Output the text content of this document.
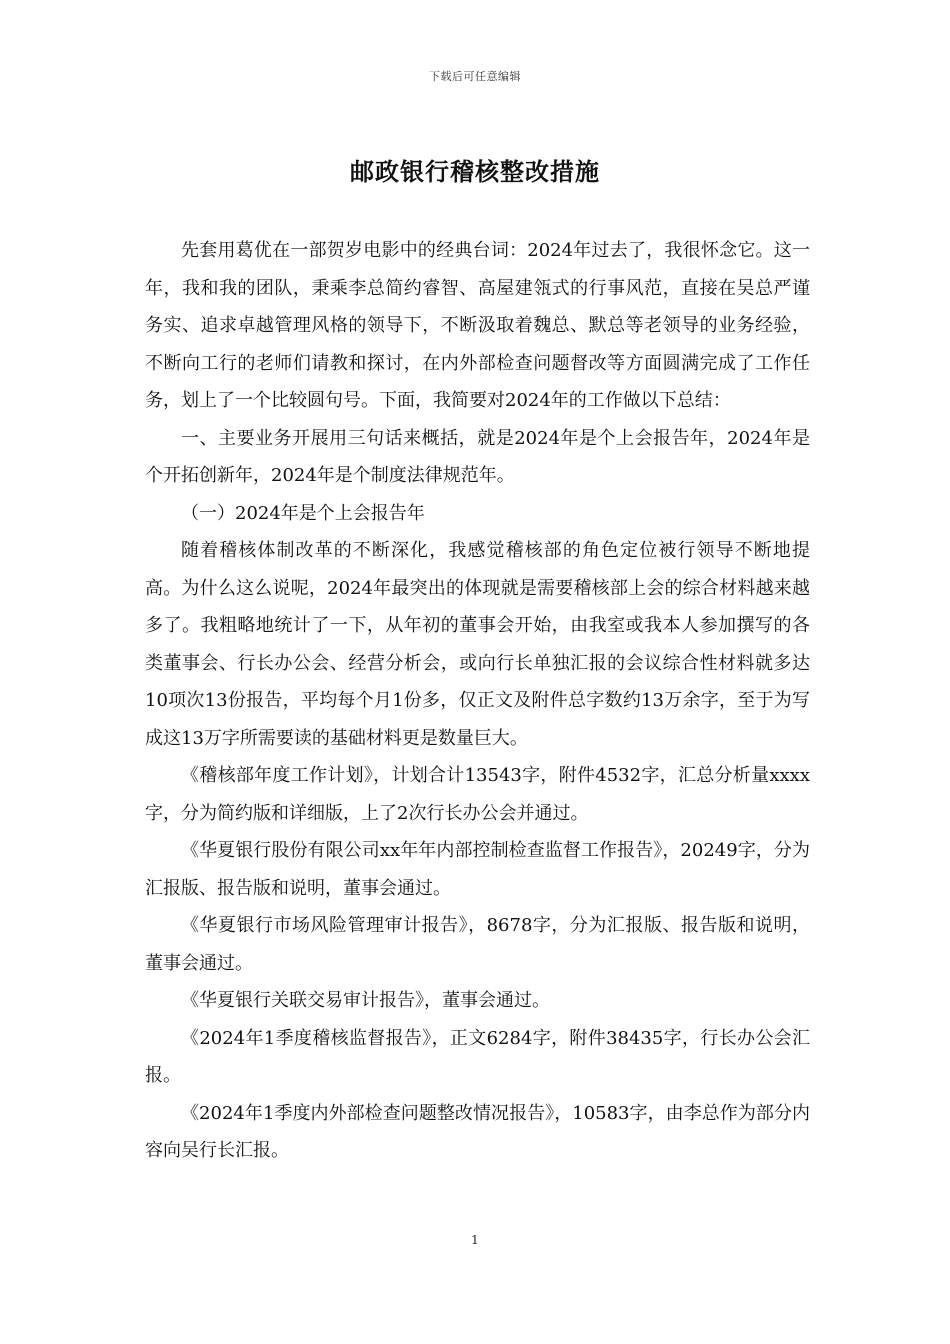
下载后可任意编辑
邮政银行稽核整改措施

先套用葛优在一部贺岁电影中的经典台词：2024年过去了，我很怀念它。这一年，我和我的团队，秉乘李总简约睿智、高屋建瓴式的行事风范，直接在吴总严谨务实、追求卓越管理风格的领导下，不断汲取着魏总、默总等老领导的业务经验，不断向工行的老师们请教和探讨，在内外部检查问题督改等方面圆满完成了工作任务，划上了一个比较圆句号。下面，我简要对2024年的工作做以下总结：

一、主要业务开展用三句话来概括，就是2024年是个上会报告年，2024年是个开拓创新年，2024年是个制度法律规范年。

（一）2024年是个上会报告年

随着稽核体制改革的不断深化，我感觉稽核部的角色定位被行领导不断地提高。为什么这么说呢，2024年最突出的体现就是需要稽核部上会的综合材料越来越多了。我粗略地统计了一下，从年初的董事会开始，由我室或我本人参加撰写的各类董事会、行长办公会、经营分析会，或向行长单独汇报的会议综合性材料就多达10项次13份报告，平均每个月1份多，仅正文及附件总字数约13万余字，至于为写成这13万字所需要读的基础材料更是数量巨大。

《稽核部年度工作计划》，计划合计13543字，附件4532字，汇总分析量xxxx字，分为简约版和详细版，上了2次行长办公会并通过。

《华夏银行股份有限公司xx年年内部控制检查监督工作报告》，20249字，分为汇报版、报告版和说明，董事会通过。

《华夏银行市场风险管理审计报告》，8678字，分为汇报版、报告版和说明，董事会通过。

《华夏银行关联交易审计报告》，董事会通过。

《2024年1季度稽核监督报告》，正文6284字，附件38435字，行长办公会汇报。

《2024年1季度内外部检查问题整改情况报告》，10583字，由李总作为部分内容向吴行长汇报。

1
